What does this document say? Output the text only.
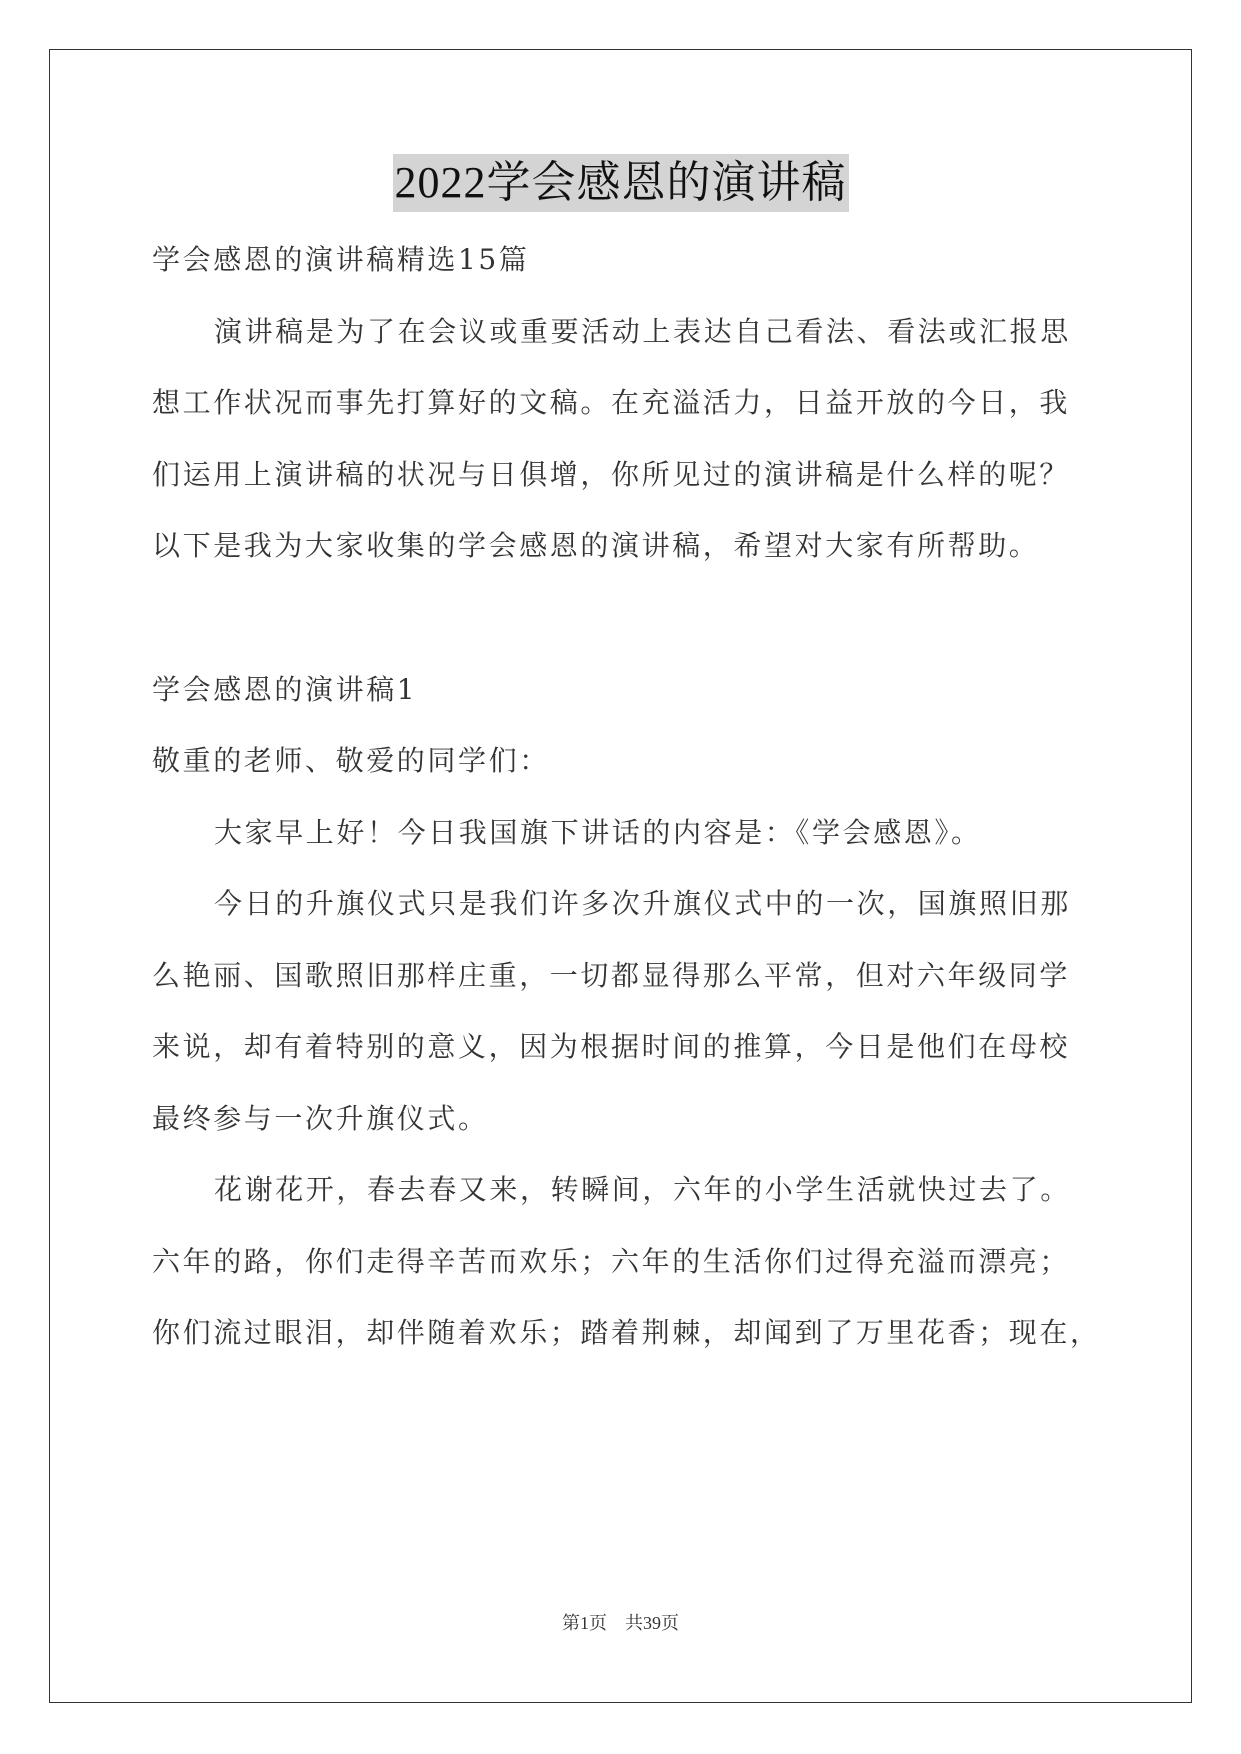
2022学会感恩的演讲稿
学会感恩的演讲稿精选15篇
演讲稿是为了在会议或重要活动上表达自己看法、看法或汇报思
想工作状况而事先打算好的文稿。在充溢活力，日益开放的今日，我
们运用上演讲稿的状况与日俱增，你所见过的演讲稿是什么样的呢？
以下是我为大家收集的学会感恩的演讲稿，希望对大家有所帮助。
学会感恩的演讲稿1
敬重的老师、敬爱的同学们：
大家早上好！今日我国旗下讲话的内容是：《学会感恩》。
今日的升旗仪式只是我们许多次升旗仪式中的一次，国旗照旧那
么艳丽、国歌照旧那样庄重，一切都显得那么平常，但对六年级同学
来说，却有着特别的意义，因为根据时间的推算，今日是他们在母校
最终参与一次升旗仪式。
花谢花开，春去春又来，转瞬间，六年的小学生活就快过去了。
六年的路，你们走得辛苦而欢乐；六年的生活你们过得充溢而漂亮；
你们流过眼泪，却伴随着欢乐；踏着荆棘，却闻到了万里花香；现在，
第1页    共39页
